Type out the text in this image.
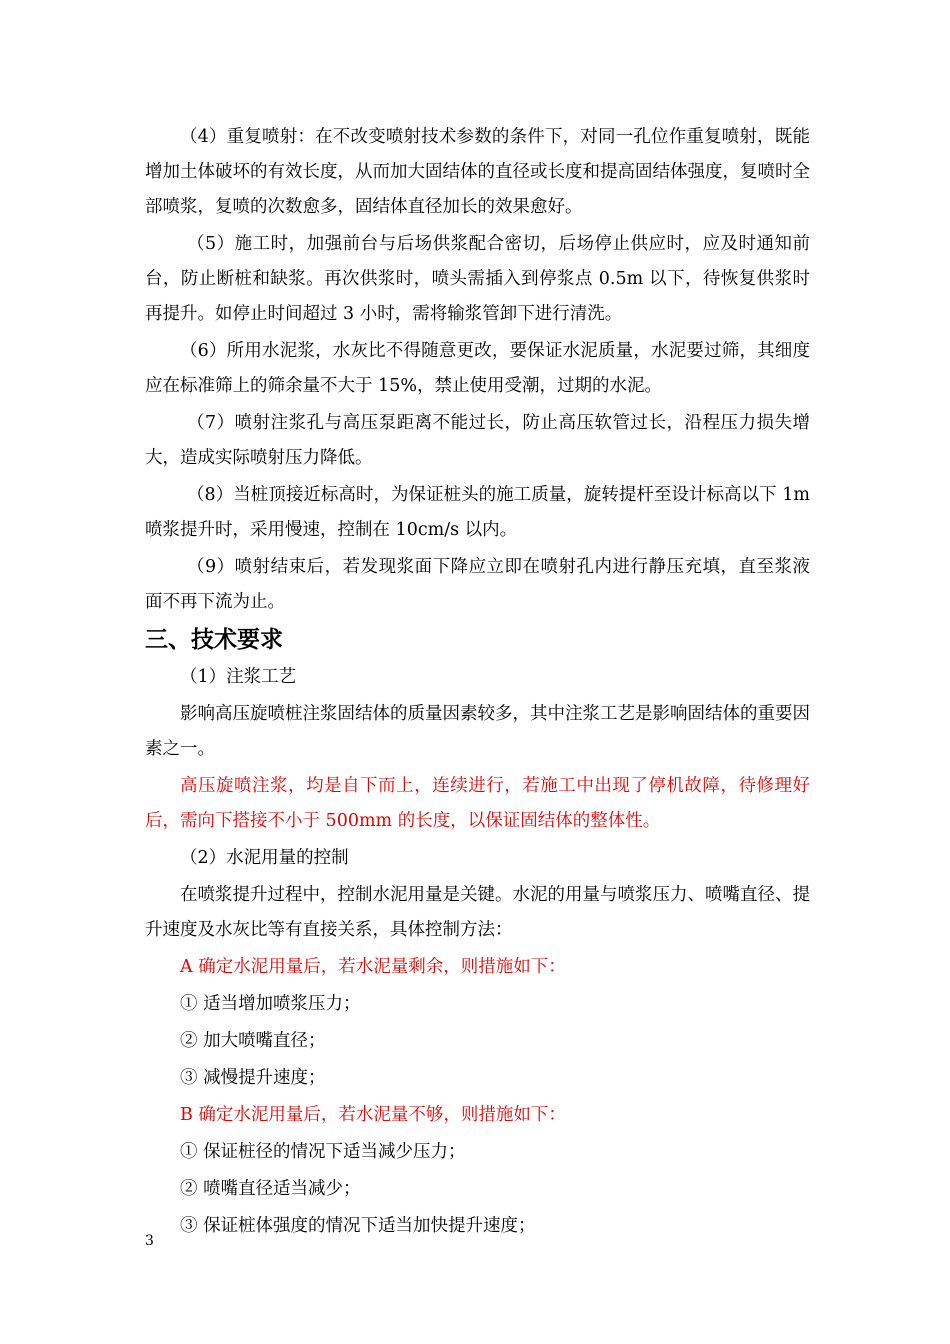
（4）重复喷射：在不改变喷射技术参数的条件下，对同一孔位作重复喷射，既能增加土体破坏的有效长度，从而加大固结体的直径或长度和提高固结体强度，复喷时全部喷浆，复喷的次数愈多，固结体直径加长的效果愈好。

（5）施工时，加强前台与后场供浆配合密切，后场停止供应时，应及时通知前台，防止断桩和缺浆。再次供浆时，喷头需插入到停浆点 0.5m 以下，待恢复供浆时再提升。如停止时间超过 3 小时，需将输浆管卸下进行清洗。

（6）所用水泥浆，水灰比不得随意更改，要保证水泥质量，水泥要过筛，其细度应在标准筛上的筛余量不大于 15%，禁止使用受潮，过期的水泥。

（7）喷射注浆孔与高压泵距离不能过长，防止高压软管过长，沿程压力损失增大，造成实际喷射压力降低。

（8）当桩顶接近标高时，为保证桩头的施工质量，旋转提杆至设计标高以下 1m 喷浆提升时，采用慢速，控制在 10cm/s 以内。

（9）喷射结束后，若发现浆面下降应立即在喷射孔内进行静压充填，直至浆液面不再下流为止。

三、技术要求

（1）注浆工艺

影响高压旋喷桩注浆固结体的质量因素较多，其中注浆工艺是影响固结体的重要因素之一。

高压旋喷注浆，均是自下而上，连续进行，若施工中出现了停机故障，待修理好后，需向下搭接不小于 500mm 的长度，以保证固结体的整体性。

（2）水泥用量的控制

在喷浆提升过程中，控制水泥用量是关键。水泥的用量与喷浆压力、喷嘴直径、提升速度及水灰比等有直接关系，具体控制方法：

A 确定水泥用量后，若水泥量剩余，则措施如下：

① 适当增加喷浆压力；

② 加大喷嘴直径；

③ 减慢提升速度；

B 确定水泥用量后，若水泥量不够，则措施如下：

① 保证桩径的情况下适当减少压力；

② 喷嘴直径适当减少；

③ 保证桩体强度的情况下适当加快提升速度；

3
